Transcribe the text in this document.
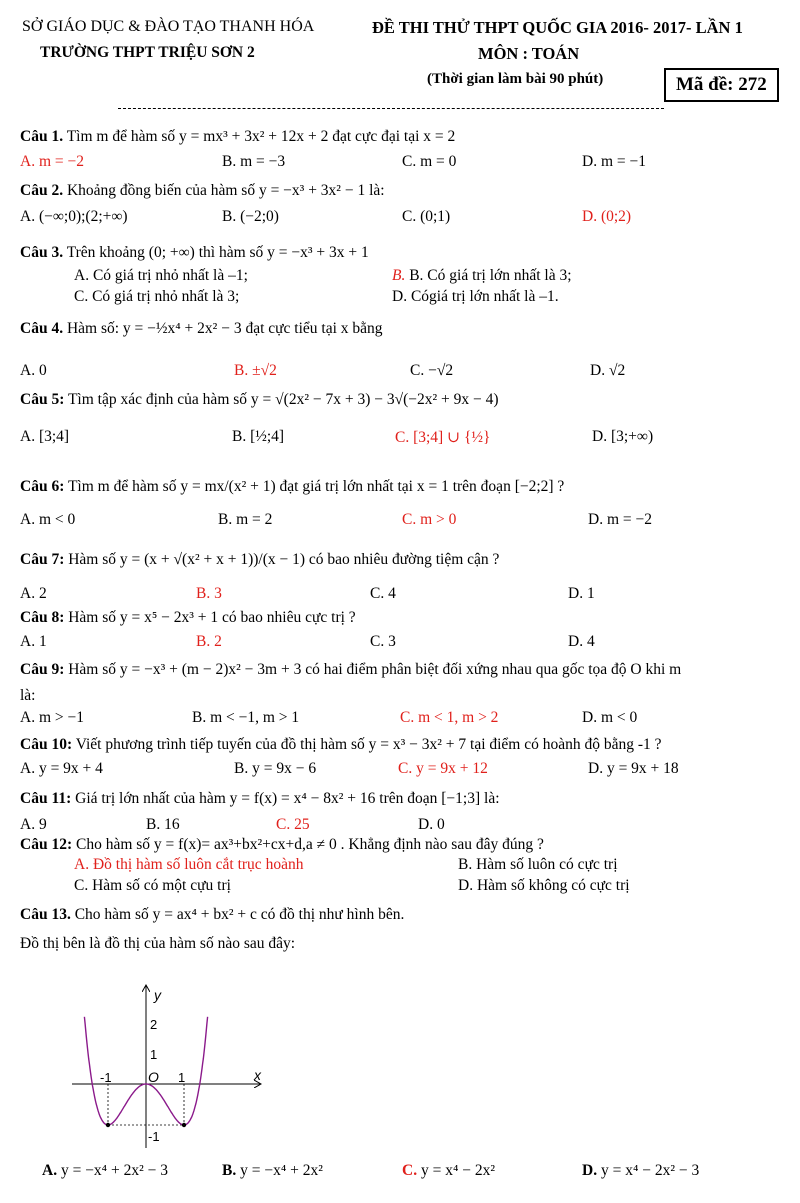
SỞ GIÁO DỤC & ĐÀO TẠO THANH HÓA
TRƯỜNG THPT TRIỆU SƠN 2
ĐỀ THI THỬ THPT QUỐC GIA 2016- 2017- LẦN 1
MÔN : TOÁN
(Thời gian làm bài 90 phút)	Mã đề: 272
Câu 1. Tìm m để hàm số y = mx³ + 3x² + 12x + 2 đạt cực đại tại x = 2
A. m = −2	B. m = −3	C. m = 0	D. m = −1
Câu 2. Khoảng đồng biến của hàm số y = −x³ + 3x² − 1 là:
A. (−∞;0);(2;+∞)	B. (−2;0)	C. (0;1)	D. (0;2)
Câu 3. Trên khoảng (0; +∞) thì hàm số y = −x³ + 3x + 1
A. Có giá trị nhỏ nhất là –1;	B. B. Có giá trị lớn nhất là 3;
C. Có giá trị nhỏ nhất là 3;	D. Cógiá trị lớn nhất là –1.
Câu 4. Hàm số: y = −½x⁴ + 2x² − 3 đạt cực tiểu tại x bằng
A. 0	B. ±√2	C. −√2	D. √2
Câu 5: Tìm tập xác định của hàm số y = √(2x² − 7x + 3) − 3√(−2x² + 9x − 4)
A. [3;4]	B. [½;4]	C. [3;4] ∪ {½}	D. [3;+∞)
Câu 6: Tìm m để hàm số y = mx/(x² + 1) đạt giá trị lớn nhất tại x = 1 trên đoạn [−2;2] ?
A. m < 0	B. m = 2	C. m > 0	D. m = −2
Câu 7: Hàm số y = (x + √(x² + x + 1))/(x − 1) có bao nhiêu đường tiệm cận ?
A. 2	B. 3	C. 4	D. 1
Câu 8: Hàm số y = x⁵ − 2x³ + 1 có bao nhiêu cực trị ?
A. 1	B. 2	C. 3	D. 4
Câu 9: Hàm số y = −x³ + (m − 2)x² − 3m + 3 có hai điểm phân biệt đối xứng nhau qua gốc tọa độ O khi m
là:
A. m > −1	B. m < −1, m > 1	C. m < 1, m > 2	D. m < 0
Câu 10: Viết phương trình tiếp tuyến của đồ thị hàm số y = x³ − 3x² + 7 tại điểm có hoành độ bằng -1 ?
A. y = 9x + 4	B. y = 9x − 6	C. y = 9x + 12	D. y = 9x + 18
Câu 11: Giá trị lớn nhất của hàm y = f(x) = x⁴ − 8x² + 16 trên đoạn [−1;3] là:
A. 9	B. 16	C. 25	D. 0
Câu 12: Cho hàm số y = f(x)= ax³+bx²+cx+d,a ≠ 0 . Khẳng định nào sau đây đúng ?
A. Đồ thị hàm số luôn cắt trục hoành	B. Hàm số luôn có cực trị
C. Hàm số có một cựu trị	D. Hàm số không có cực trị
Câu 13. Cho hàm số y = ax⁴ + bx² + c có đồ thị như hình bên.
Đồ thị bên là đồ thị của hàm số nào sau đây:
y
x
2
1
O
-1	1
-1
A. y = −x⁴ + 2x² − 3	B. y = −x⁴ + 2x²	C. y = x⁴ − 2x²	D. y = x⁴ − 2x² − 3
